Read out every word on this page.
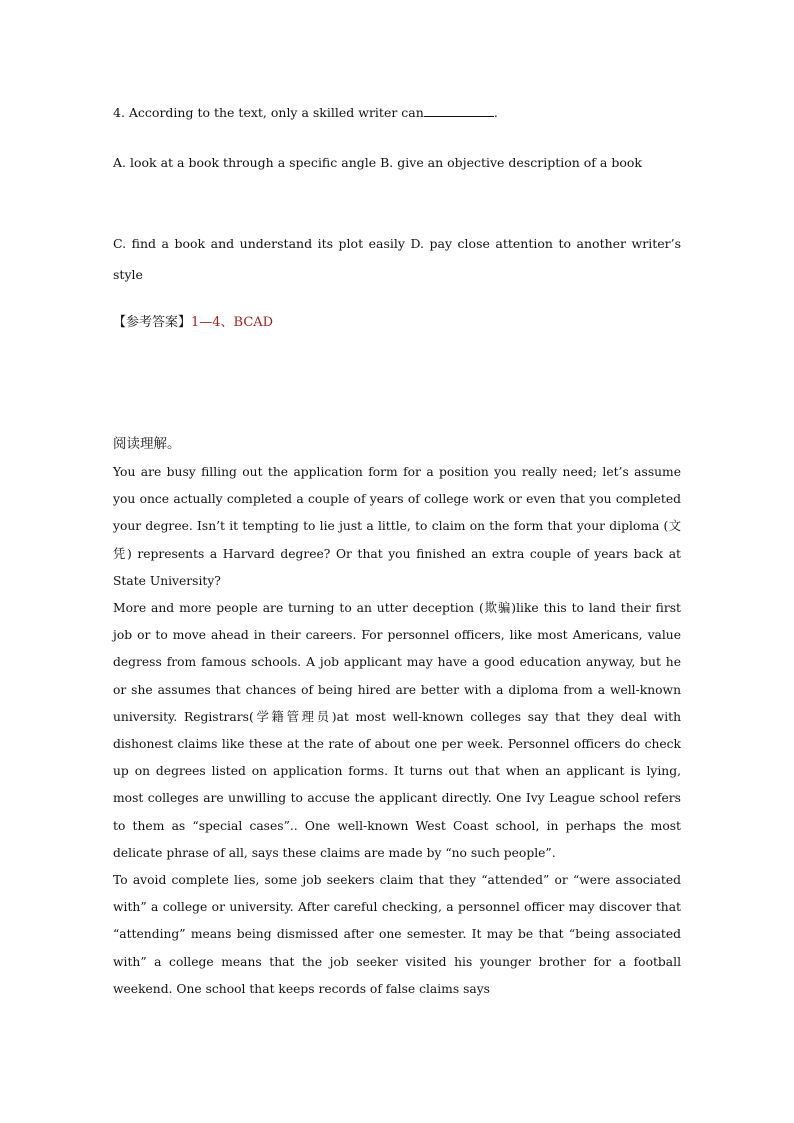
4. According to the text, only a skilled writer can	.
A. look at a book through a specific angle B. give an objective description of a book
C. find a book and understand its plot easily D. pay close attention to another writer’s style
【参考答案】1—4、BCAD
阅读理解。

You are busy filling out the application form for a position you really need; let’s assume you once actually completed a couple of years of college work or even that you completed your degree. Isn’t it tempting to lie just a little, to claim on the form that your diploma (文凭) represents a Harvard degree? Or that you finished an extra couple of years back at State University?

More and more people are turning to an utter deception (欺骗)like this to land their first job or to move ahead in their careers. For personnel officers, like most Americans, value degress from famous schools. A job applicant may have a good education anyway, but he or she assumes that chances of being hired are better with a diploma from a well-known university. Registrars(学籍管理员)at most well-known colleges say that they deal with dishonest claims like these at the rate of about one per week. Personnel officers do check up on degrees listed on application forms. It turns out that when an applicant is lying, most colleges are unwilling to accuse the applicant directly. One Ivy League school refers to them as “special cases”.. One well-known West Coast school, in perhaps the most delicate phrase of all, says these claims are made by “no such people”.

To avoid complete lies, some job seekers claim that they “attended” or “were associated with” a college or university. After careful checking, a personnel officer may discover that “attending” means being dismissed after one semester. It may be that “being associated with” a college means that the job seeker visited his younger brother for a football weekend. One school that keeps records of false claims says
